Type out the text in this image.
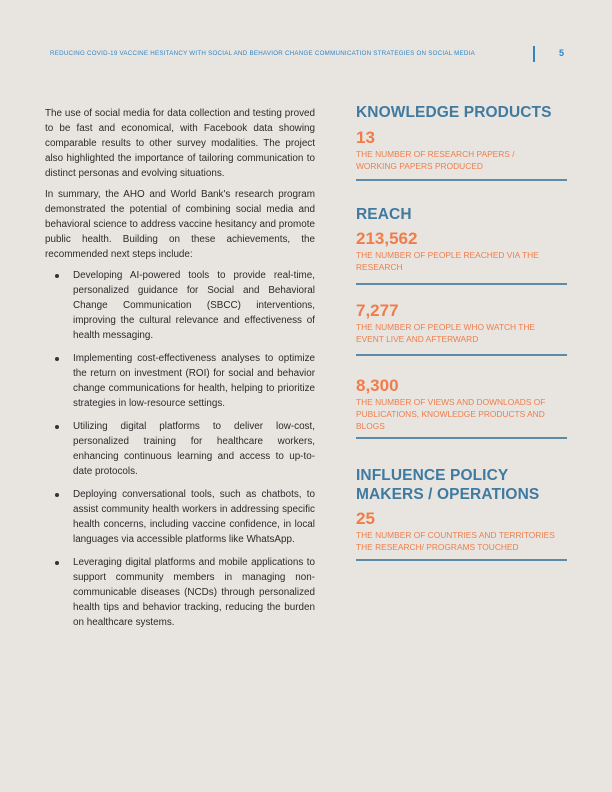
REDUCING COVID-19 VACCINE HESITANCY WITH SOCIAL AND BEHAVIOR CHANGE COMMUNICATION STRATEGIES ON SOCIAL MEDIA	5

The use of social media for data collection and testing proved to be fast and economical, with Facebook data showing comparable results to other survey modalities. The project also highlighted the importance of tailoring communication to distinct personas and evolving situations.

In summary, the AHO and World Bank's research program demonstrated the potential of combining social media and behavioral science to address vaccine hesitancy and promote public health. Building on these achievements, the recommended next steps include:

Developing AI-powered tools to provide real-time, personalized guidance for Social and Behavioral Change Communication (SBCC) interventions, improving the cultural relevance and effectiveness of health messaging.
Implementing cost-effectiveness analyses to optimize the return on investment (ROI) for social and behavior change communications for health, helping to prioritize strategies in low-resource settings.
Utilizing digital platforms to deliver low-cost, personalized training for healthcare workers, enhancing continuous learning and access to up-to-date protocols.
Deploying conversational tools, such as chatbots, to assist community health workers in addressing specific health concerns, including vaccine confidence, in local languages via accessible platforms like WhatsApp.
Leveraging digital platforms and mobile applications to support community members in managing non-communicable diseases (NCDs) through personalized health tips and behavior tracking, reducing the burden on healthcare systems.
KNOWLEDGE PRODUCTS
13
THE NUMBER OF RESEARCH PAPERS / WORKING PAPERS PRODUCED
REACH
213,562
THE NUMBER OF PEOPLE REACHED VIA THE RESEARCH
7,277
THE NUMBER OF PEOPLE WHO WATCH THE EVENT LIVE AND AFTERWARD
8,300
THE NUMBER OF VIEWS AND DOWNLOADS OF PUBLICATIONS, KNOWLEDGE PRODUCTS AND BLOGS
INFLUENCE POLICY MAKERS / OPERATIONS
25
THE NUMBER OF COUNTRIES AND TERRITORIES THE RESEARCH/ PROGRAMS TOUCHED
